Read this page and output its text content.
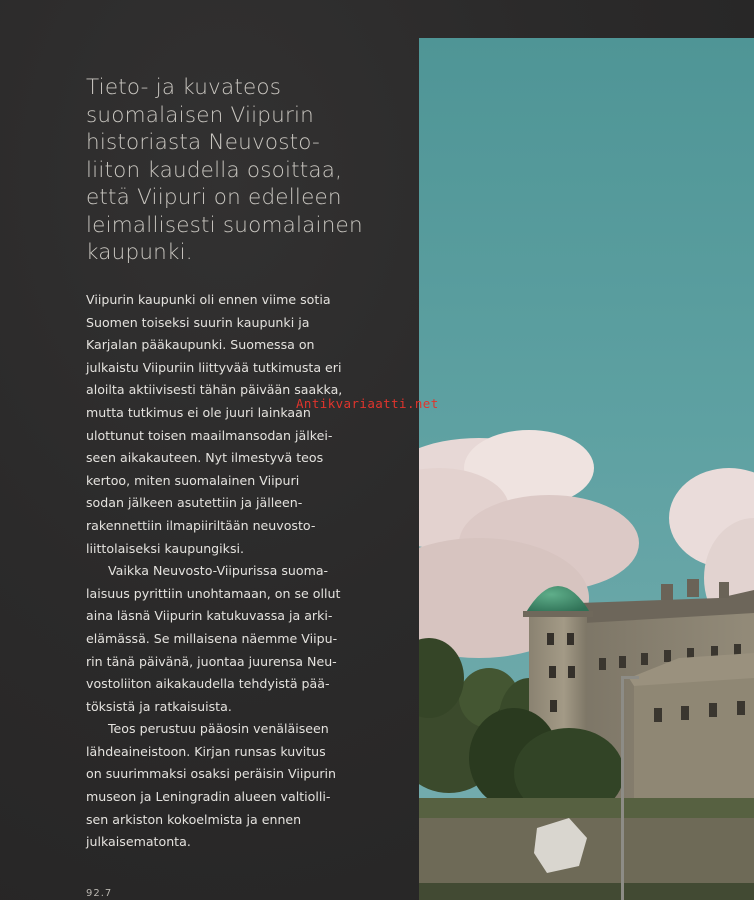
Tieto- ja kuvateos
suomalaisen Viipurin
historiasta Neuvosto-
liiton kaudella osoittaa,
että Viipuri on edelleen
leimallisesti suomalainen
kaupunki.
Viipurin kaupunki oli ennen viime sotia
Suomen toiseksi suurin kaupunki ja
Karjalan pääkaupunki. Suomessa on
julkaistu Viipuriin liittyvää tutkimusta eri
aloilta aktiivisesti tähän päivään saakka,
mutta tutkimus ei ole juuri lainkaan
ulottunut toisen maailmansodan jälkei-
seen aikakauteen. Nyt ilmestyvä teos
kertoo, miten suomalainen Viipuri
sodan jälkeen asutettiin ja jälleen-
rakennettiin ilmapiiriltään neuvosto-
liittolaiseksi kaupungiksi.
Vaikka Neuvosto-Viipurissa suoma-
laisuus pyrittiin unohtamaan, on se ollut
aina läsnä Viipurin katukuvassa ja arki-
elämässä. Se millaisena näemme Viipu-
rin tänä päivänä, juontaa juurensa Neu-
vostoliiton aikakaudella tehdyistä pää-
töksistä ja ratkaisuista.
Teos perustuu pääosin venäläiseen
lähdeaineistoon. Kirjan runsas kuvitus
on suurimmaksi osaksi peräisin Viipurin
museon ja Leningradin alueen valtiolli-
sen arkiston kokoelmista ja ennen
julkaisematonta.
92.7
Antikvariaatti.net
